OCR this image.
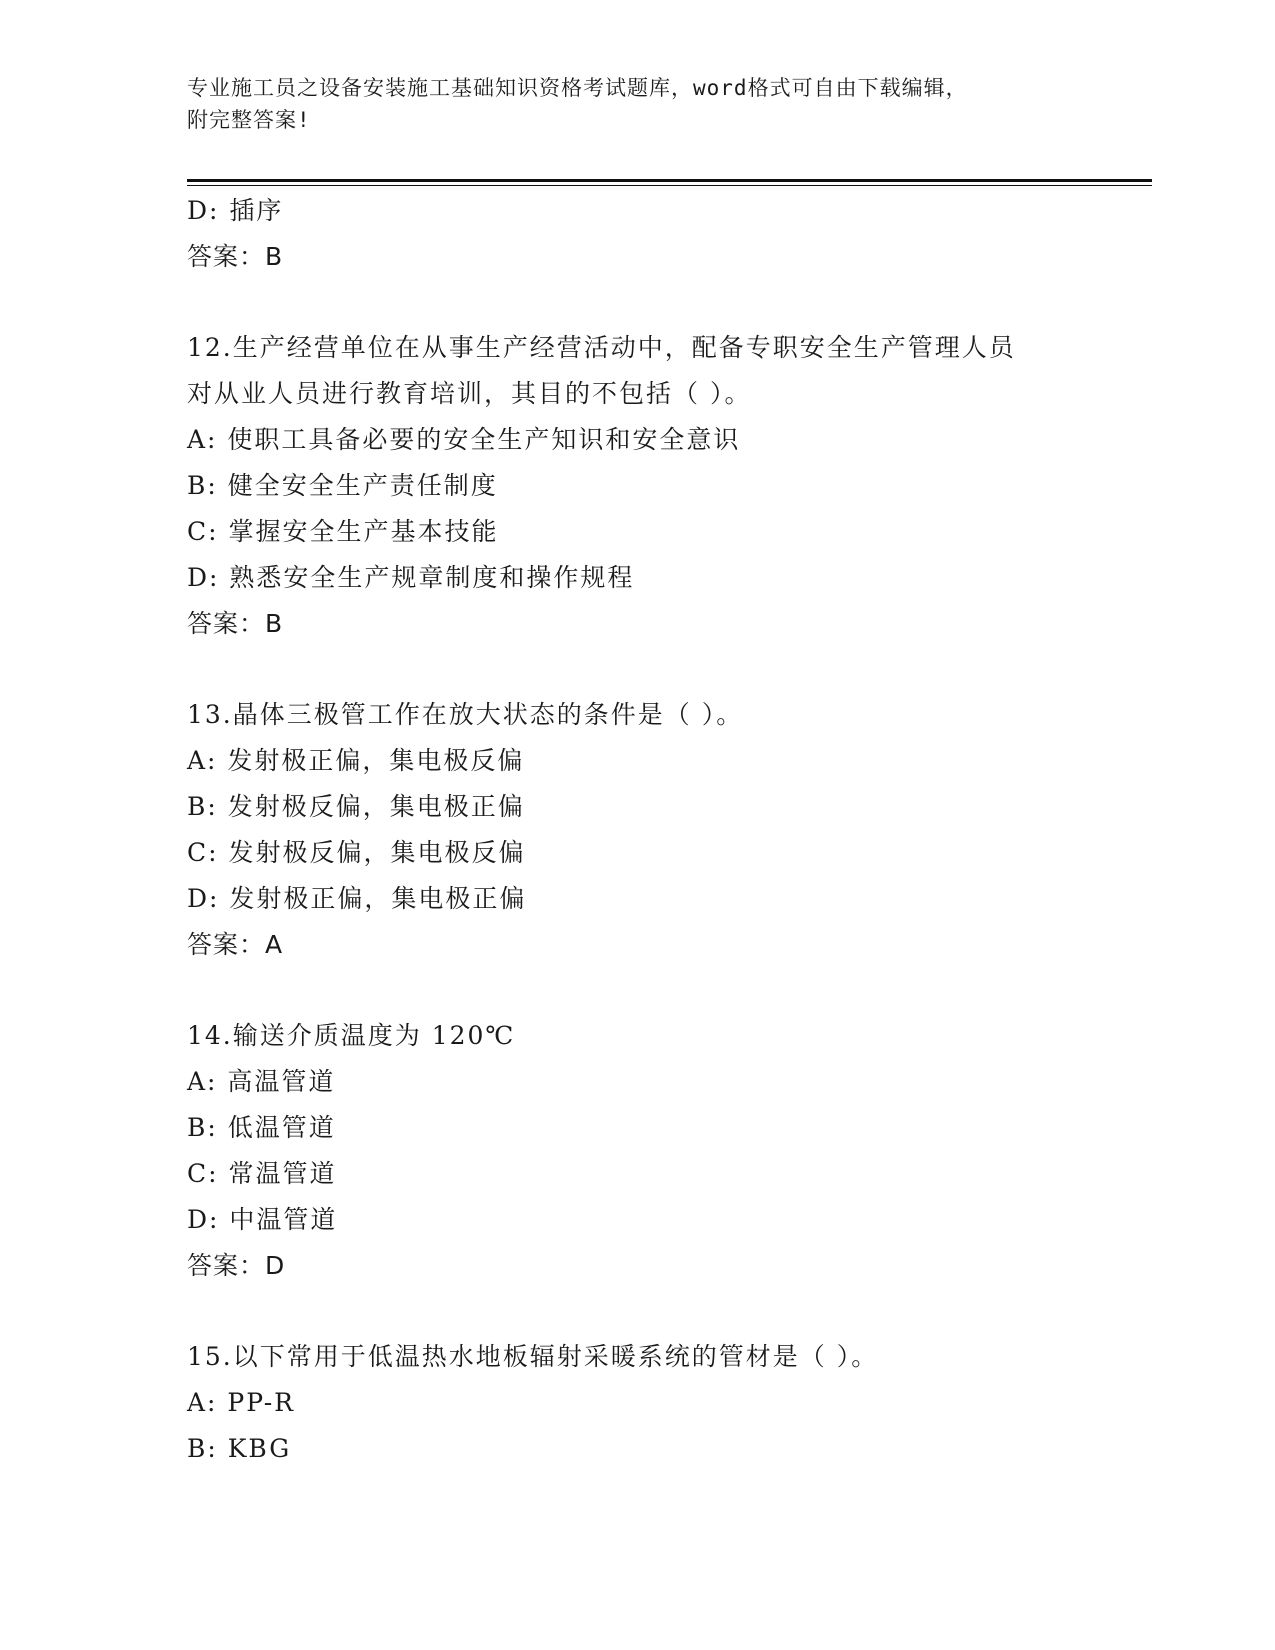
专业施工员之设备安装施工基础知识资格考试题库，word格式可自由下载编辑，
附完整答案!
D: 插序
答案：B
12.生产经营单位在从事生产经营活动中，配备专职安全生产管理人员
对从业人员进行教育培训，其目的不包括（ ）。
A: 使职工具备必要的安全生产知识和安全意识
B: 健全安全生产责任制度
C: 掌握安全生产基本技能
D: 熟悉安全生产规章制度和操作规程
答案：B
13.晶体三极管工作在放大状态的条件是（ ）。
A: 发射极正偏，集电极反偏
B: 发射极反偏，集电极正偏
C: 发射极反偏，集电极反偏
D: 发射极正偏，集电极正偏
答案：A
14.输送介质温度为 120℃
A: 高温管道
B: 低温管道
C: 常温管道
D: 中温管道
答案：D
15.以下常用于低温热水地板辐射采暖系统的管材是（ ）。
A: PP-R
B: KBG
